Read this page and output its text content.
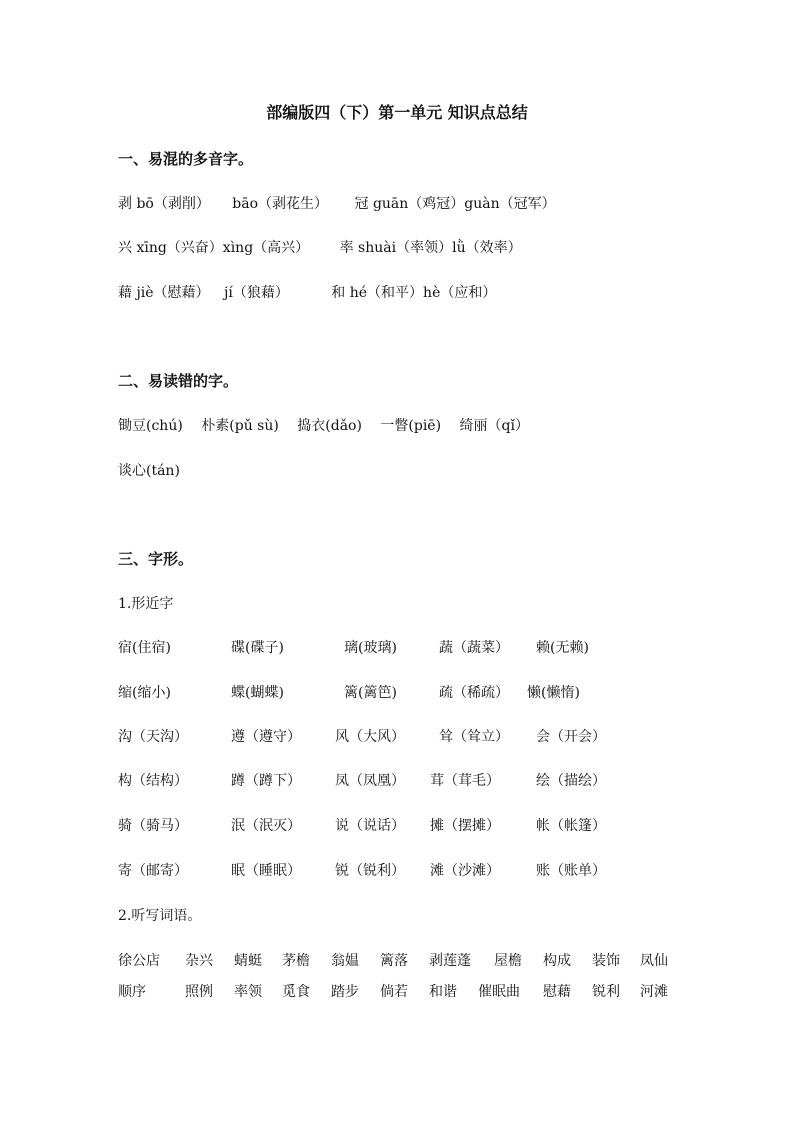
部编版四（下）第一单元 知识点总结
一、易混的多音字。
剥 bō（剥削） bāo（剥花生） 冠 guān（鸡冠）guàn（冠军）
兴 xīng（兴奋）xìng（高兴） 率 shuài（率领）lǜ（效率）
藉 jiè（慰藉） jí（狼藉）	和 hé（和平）hè（应和）
二、易读错的字。
锄豆(chú) 朴素(pǔ sù) 捣衣(dǎo) 一瞥(piē) 绮丽（qǐ）
谈心(tán)
三、字形。
1.形近字
宿(住宿)	碟(碟子)	璃(玻璃)	蔬（蔬菜） 赖(无赖)
缩(缩小)	蝶(蝴蝶)	篱(篱笆)	疏（稀疏） 懒(懒惰)
沟（天沟）	遵（遵守） 风（大风） 耸（耸立） 会（开会）
构（结构）	蹲（蹲下） 凤（凤凰） 茸（茸毛）	绘（描绘）
骑（骑马）	泯（泯灭） 说（说话） 摊（摆摊）	帐（帐篷）
寄（邮寄）	眠（睡眠） 锐（锐利） 滩（沙滩）	账（账单）
2.听写词语。
徐公店 杂兴 蜻蜓 茅檐 翁媪 篱落 剥莲蓬 屋檐 构成 装饰 凤仙
顺序	照例 率领 觅食 踏步 倘若 和谐 催眠曲 慰藉 锐利 河滩
